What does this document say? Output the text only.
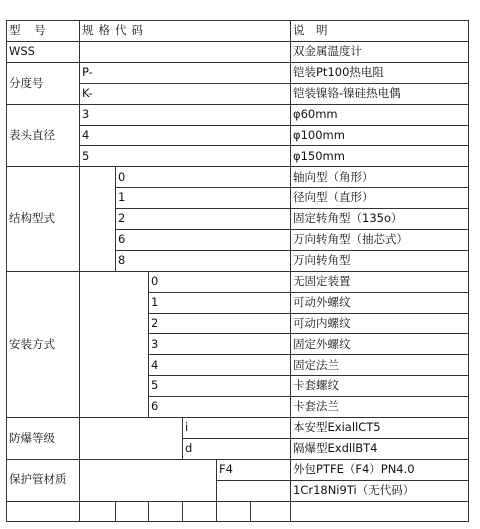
型 号	规格代码						说　明
WSS							双金属温度计
分度号	P-						铠装Pt100热电阻
	K-						铠装镍铬-镍硅热电偶
表头直径	3						φ60mm
	4						φ100mm
	5						φ150mm
结构型式		0					轴向型（角形）
		1					径向型（直形）
		2					固定转角型（135o）
		6					万向转角型（抽芯式）
		8					万向转角型
安装方式			0				无固定装置
			1				可动外螺纹
			2				可动内螺纹
			3				固定外螺纹
			4				固定法兰
			5				卡套螺纹
			6				卡套法兰
防爆等级				i			本安型ExiallCT5
				d			隔爆型ExdllBT4
保护管材质					F4		外包PTFE（F4）PN4.0
							1Cr18Ni9Ti（无代码）
